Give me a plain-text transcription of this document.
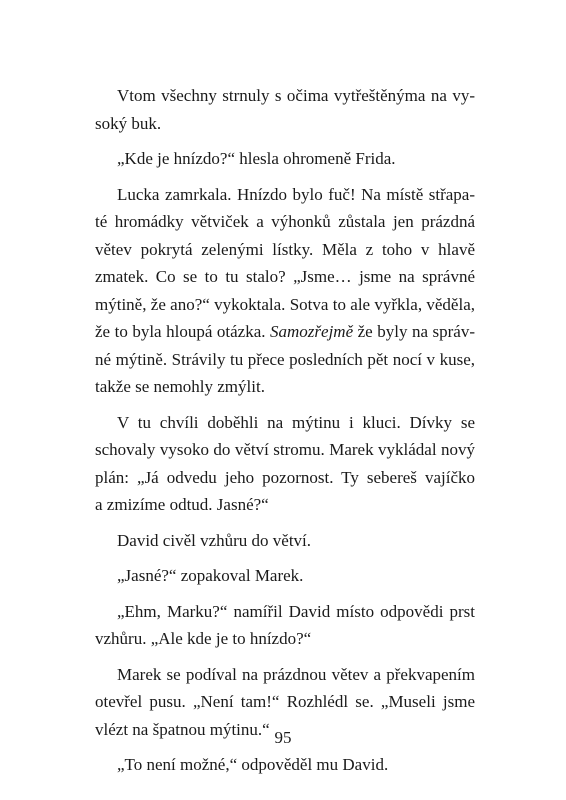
Vtom všechny strnuly s očima vytřeštěnýma na vy-
soký buk.

„Kde je hnízdo?“ hlesla ohromeně Frida.

Lucka zamrkala. Hnízdo bylo fuč! Na místě střapa-
té hromádky větviček a výhonků zůstala jen prázdná
větev pokrytá zelenými lístky. Měla z toho v hlavě
zmatek. Co se to tu stalo? „Jsme… jsme na správné
mýtině, že ano?“ vykoktala. Sotva to ale vyřkla, věděla,
že to byla hloupá otázka. Samozřejmě že byly na správ-
né mýtině. Strávily tu přece posledních pět nocí v kuse,
takže se nemohly zmýlit.

V tu chvíli doběhli na mýtinu i kluci. Dívky se
schovaly vysoko do větví stromu. Marek vykládal nový
plán: „Já odvedu jeho pozornost. Ty sebereš vajíčko
a zmizíme odtud. Jasné?“

David civěl vzhůru do větví.

„Jasné?“ zopakoval Marek.

„Ehm, Marku?“ namířil David místo odpovědi prst
vzhůru. „Ale kde je to hnízdo?“

Marek se podíval na prázdnou větev a překvapením
otevřel pusu. „Není tam!“ Rozhlédl se. „Museli jsme
vlézt na špatnou mýtinu.“

„To není možné,“ odpověděl mu David.

95
